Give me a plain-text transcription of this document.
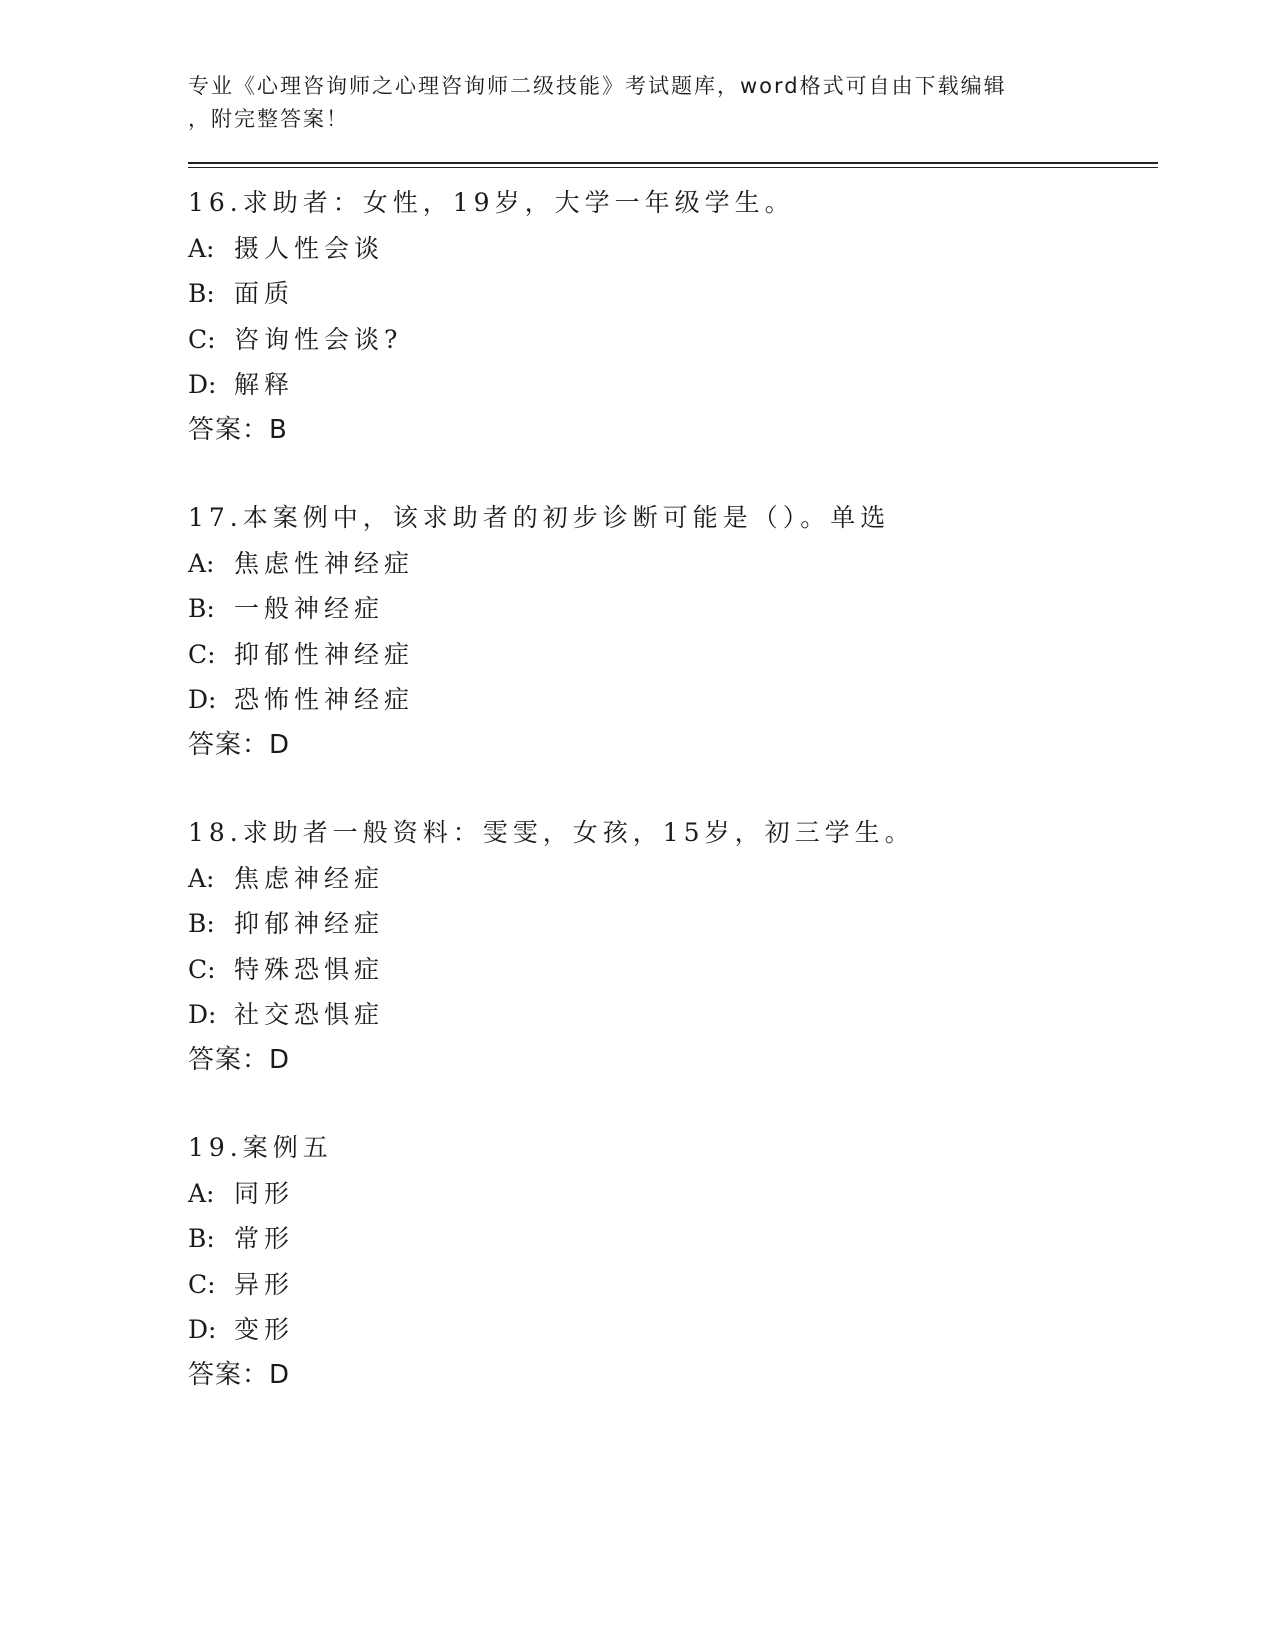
专业《心理咨询师之心理咨询师二级技能》考试题库，word格式可自由下载编辑
，附完整答案！
16.求助者：女性，19岁，大学一年级学生。
A: 摄人性会谈
B: 面质
C: 咨询性会谈?
D: 解释
答案：B
17.本案例中，该求助者的初步诊断可能是（）。单选
A: 焦虑性神经症
B: 一般神经症
C: 抑郁性神经症
D: 恐怖性神经症
答案：D
18.求助者一般资料：雯雯，女孩，15岁，初三学生。
A: 焦虑神经症
B: 抑郁神经症
C: 特殊恐惧症
D: 社交恐惧症
答案：D
19.案例五
A: 同形
B: 常形
C: 异形
D: 变形
答案：D
